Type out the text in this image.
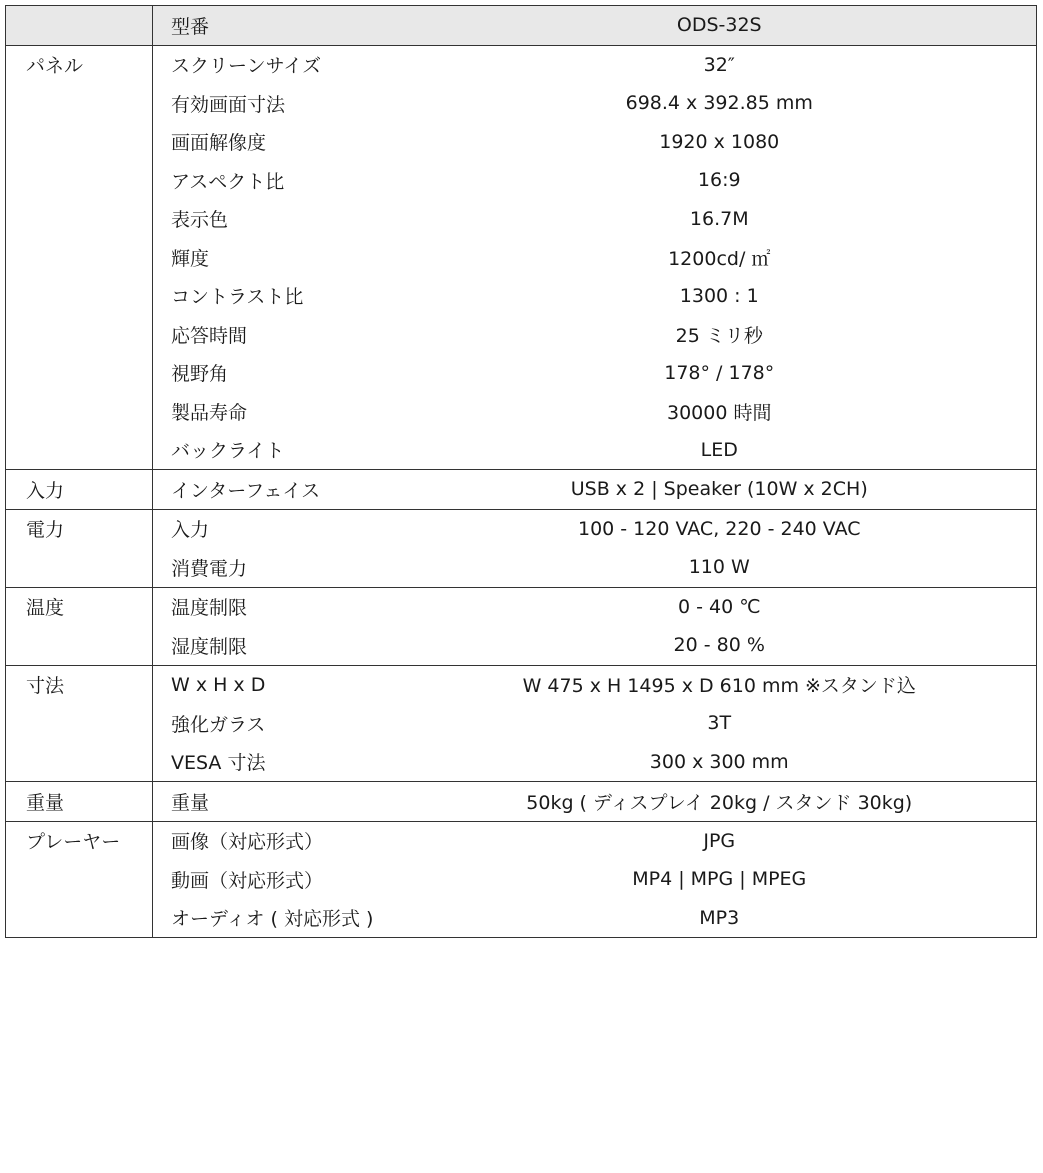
	型番	ODS-32S
パネル	スクリーンサイズ	32″
	有効画面寸法	698.4 x 392.85 mm
	画面解像度	1920 x 1080
	アスペクト比	16:9
	表示色	16.7M
	輝度	1200cd/ ㎡
	コントラスト比	1300 : 1
	応答時間	25 ミリ秒
	視野角	178° / 178°
	製品寿命	30000 時間
	バックライト	LED
入力	インターフェイス	USB x 2 | Speaker (10W x 2CH)
電力	入力	100 - 120 VAC, 220 - 240 VAC
	消費電力	110 W
温度	温度制限	0 - 40 ℃
	湿度制限	20 - 80 %
寸法	W x H x D	W 475 x H 1495 x D 610 mm ※スタンド込
	強化ガラス	3T
	VESA 寸法	300 x 300 mm
重量	重量	50kg ( ディスプレイ 20kg / スタンド 30kg)
プレーヤー	画像（対応形式）	JPG
	動画（対応形式）	MP4 | MPG | MPEG
	オーディオ ( 対応形式 )	MP3
